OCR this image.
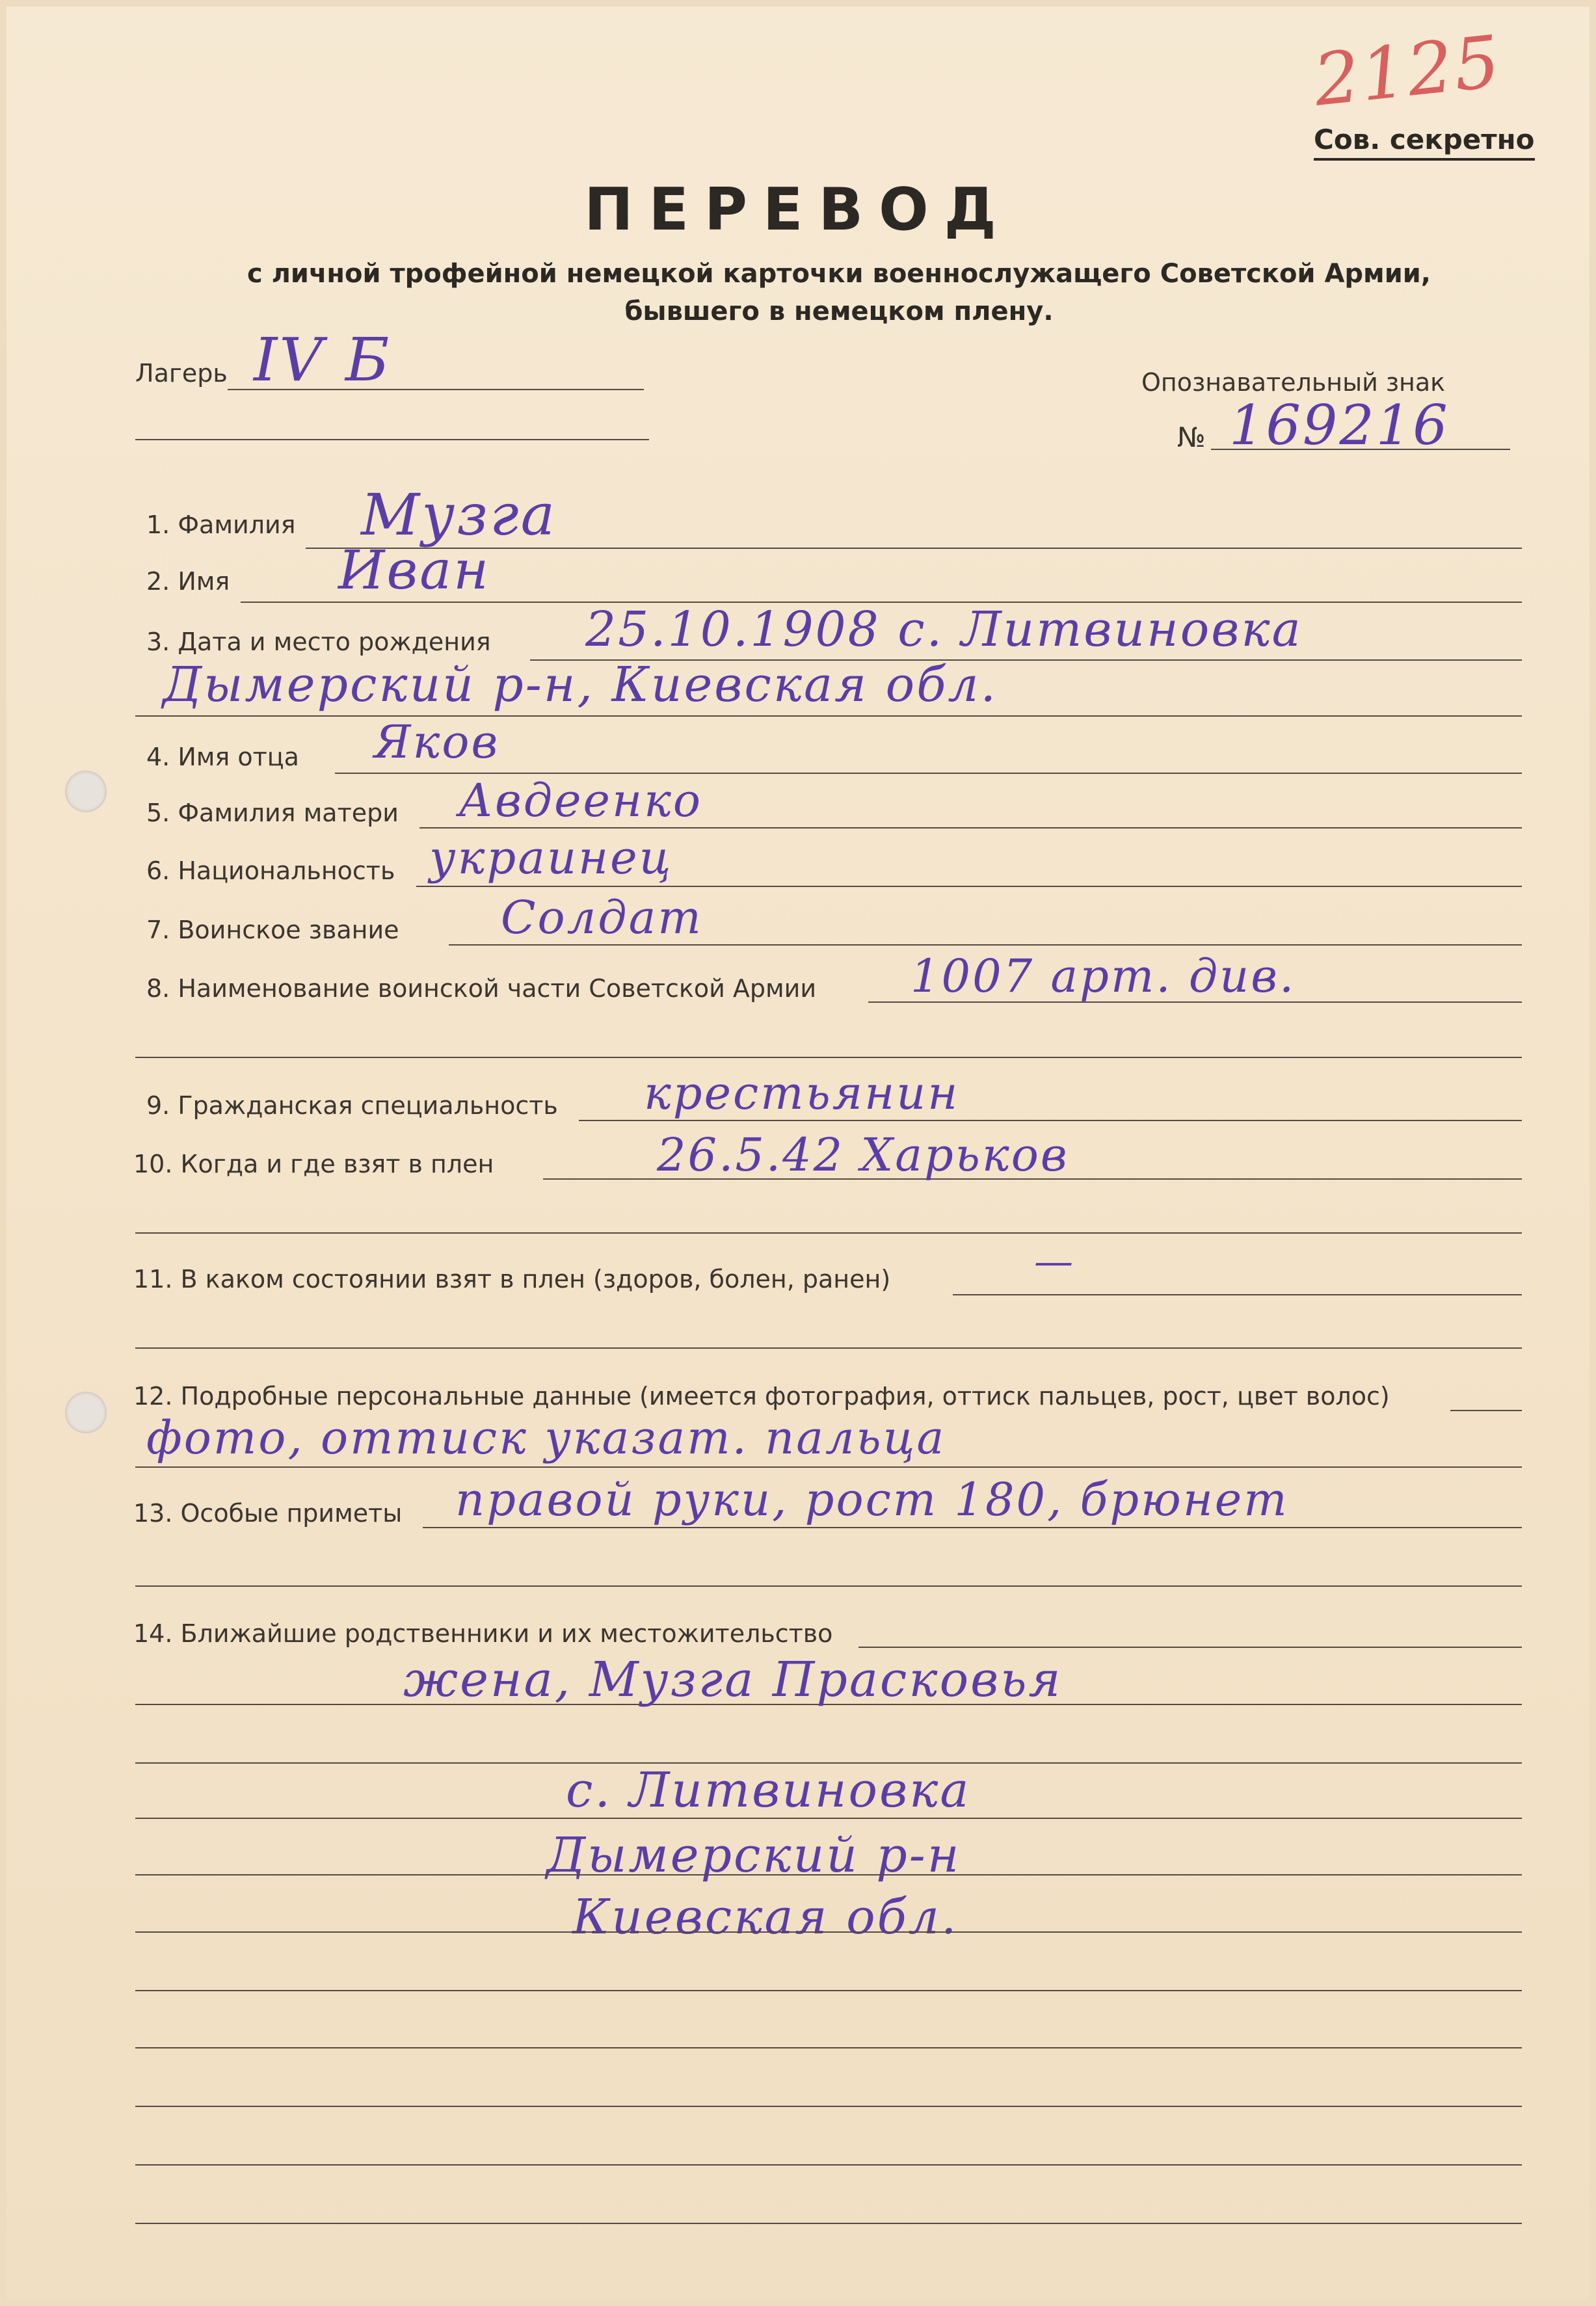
2125
Сов. секретно
ПЕРЕВОД
с личной трофейной немецкой карточки военнослужащего Советской Армии,
бывшего в немецком плену.
Лагерь IV Б	Опознавательный знак
№ 169216
1. Фамилия Музга
2. Имя Иван
3. Дата и место рождения 25.10.1908 с. Литвиновка
Дымерский р-н, Киевская обл.
4. Имя отца Яков
5. Фамилия матери Авдеенко
6. Национальность украинец
7. Воинское звание Солдат
8. Наименование воинской части Советской Армии 1007 арт. див.
9. Гражданская специальность крестьянин
10. Когда и где взят в плен	26.5.42 Харьков
11. В каком состоянии взят в плен (здоров, болен, ранен)	—
12. Подробные персональные данные (имеется фотография, оттиск пальцев, рост, цвет волос)
фото, оттиск указат. пальца
13. Особые приметы правой руки, рост 180, брюнет
14. Ближайшие родственники и их местожительство
жена, Музга Прасковья
с. Литвиновка
Дымерский р-н
Киевская обл.
